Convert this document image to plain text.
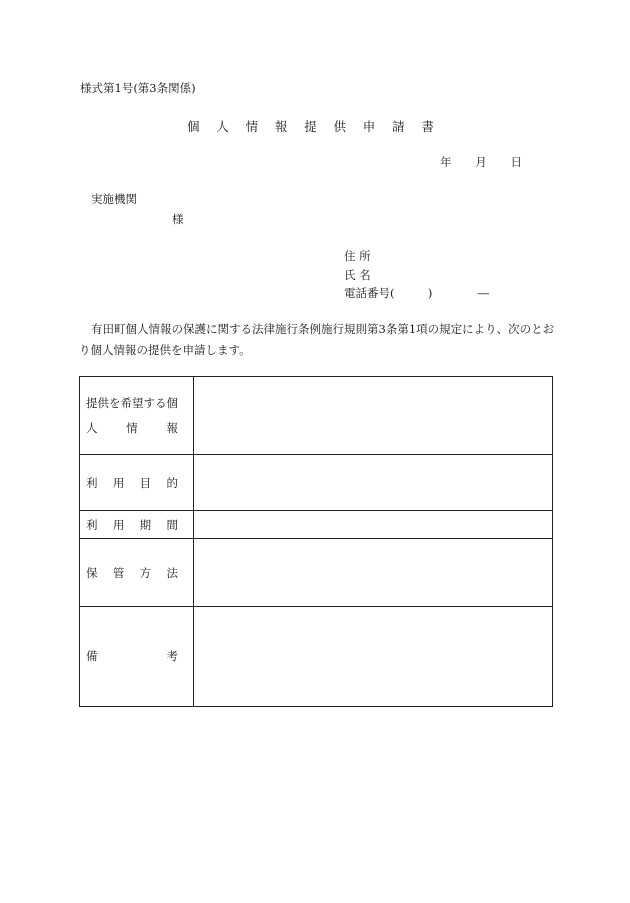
様式第1号(第3条関係)
個 人 情 報 提 供 申 請 書
年 月 日
実施機関
様
住 所
氏 名
電話番号(	)	―
有田町個人情報の保護に関する法律施行条例施行規則第3条第1項の規定により、次のとおり個人情報の提供を申請します。
提供を希望する個
人 情 報	

利 用 目 的	

利 用 期 間	

保 管 方 法	

備 考	
